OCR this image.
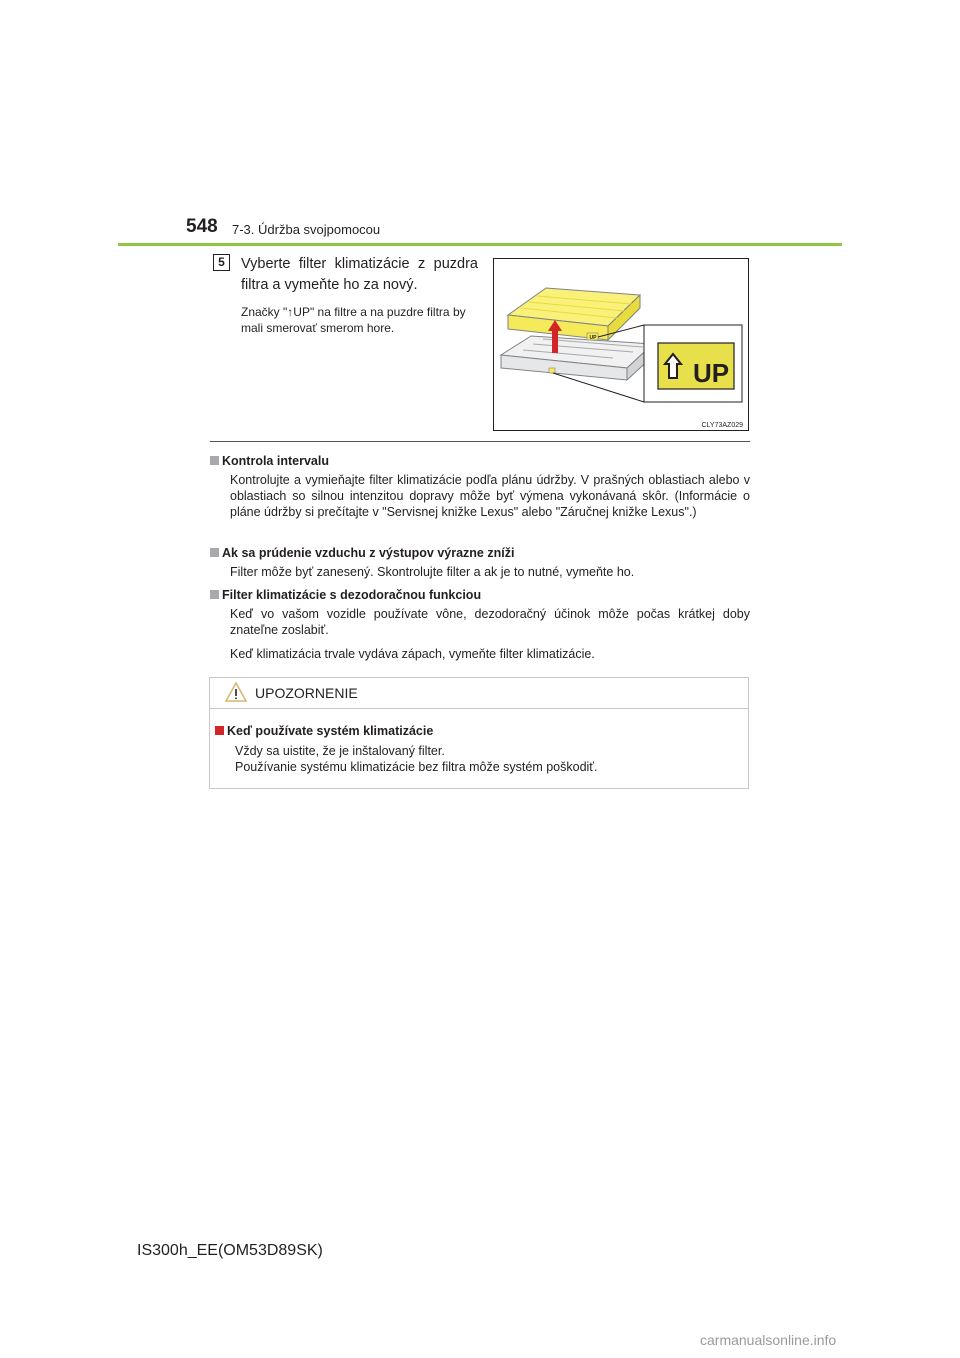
548 7-3. Údržba svojpomocou
5	Vyberte filter klimatizácie z puzdra filtra a vymeňte ho za nový.
Značky "↑UP" na filtre a na puzdre filtra by mali smerovať smerom hore.
UP
UP
CLY73AZ029
Kontrola intervalu
Kontrolujte a vymieňajte filter klimatizácie podľa plánu údržby. V prašných oblastiach alebo v oblastiach so silnou intenzitou dopravy môže byť výmena vykonávaná skôr. (Informácie o pláne údržby si prečítajte v "Servisnej knižke Lexus" alebo "Záručnej knižke Lexus".)
Ak sa prúdenie vzduchu z výstupov výrazne zníži
Filter môže byť zanesený. Skontrolujte filter a ak je to nutné, vymeňte ho.
Filter klimatizácie s dezodoračnou funkciou
Keď vo vašom vozidle používate vône, dezodoračný účinok môže počas krátkej doby znateľne zoslabiť.
Keď klimatizácia trvale vydáva zápach, vymeňte filter klimatizácie.
UPOZORNENIE
Keď používate systém klimatizácie
Vždy sa uistite, že je inštalovaný filter.
Používanie systému klimatizácie bez filtra môže systém poškodiť.
IS300h_EE(OM53D89SK)
carmanualsonline.info
